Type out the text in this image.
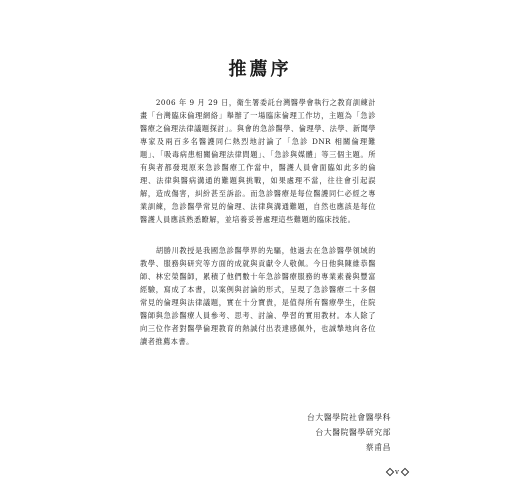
推薦序

2006 年 9 月 29 日，衛生署委託台灣醫學會執行之教育訓練計畫「台灣臨床倫理網絡」舉辦了一場臨床倫理工作坊，主題為「急診醫療之倫理法律議題探討」。與會的急診醫學、倫理學、法學、新聞學專家及兩百多名醫護同仁熱烈地討論了「急診 DNR 相關倫理難題」、「吸毒病患相關倫理法律問題」、「急診與媒體」等三個主題。所有與者都發現原來急診醫療工作當中，醫護人員會面臨如此多的倫理、法律與醫病溝通的難題與挑戰，如果處理不當，往往會引起誤解，造成傷害，糾紛甚至訴訟。而急診醫療是每位醫護同仁必經之專業訓練，急診醫學常見的倫理、法律與溝通難題，自然也應該是每位醫護人員應該熟悉瞭解，並培養妥善處理這些難題的臨床技能。

胡勝川教授是我國急診醫學界的先驅，他過去在急診醫學領域的教學、服務與研究等方面的成就與貢獻令人敬佩。今日他與陳維恭醫師、林宏榮醫師，累積了他們數十年急診醫療服務的專業素養與豐富經驗，寫成了本書，以案例與討論的形式，呈現了急診醫療二十多個常見的倫理與法律議題，實在十分寶貴，是值得所有醫療學生，住院醫師與急診醫療人員參考、思考、討論、學習的實用教材。本人除了向三位作者對醫學倫理教育的熱誠付出表達感佩外，也誠摯地向各位讀者推薦本書。

台大醫學院社會醫學科
台大醫院醫學研究部
蔡甫昌
v
